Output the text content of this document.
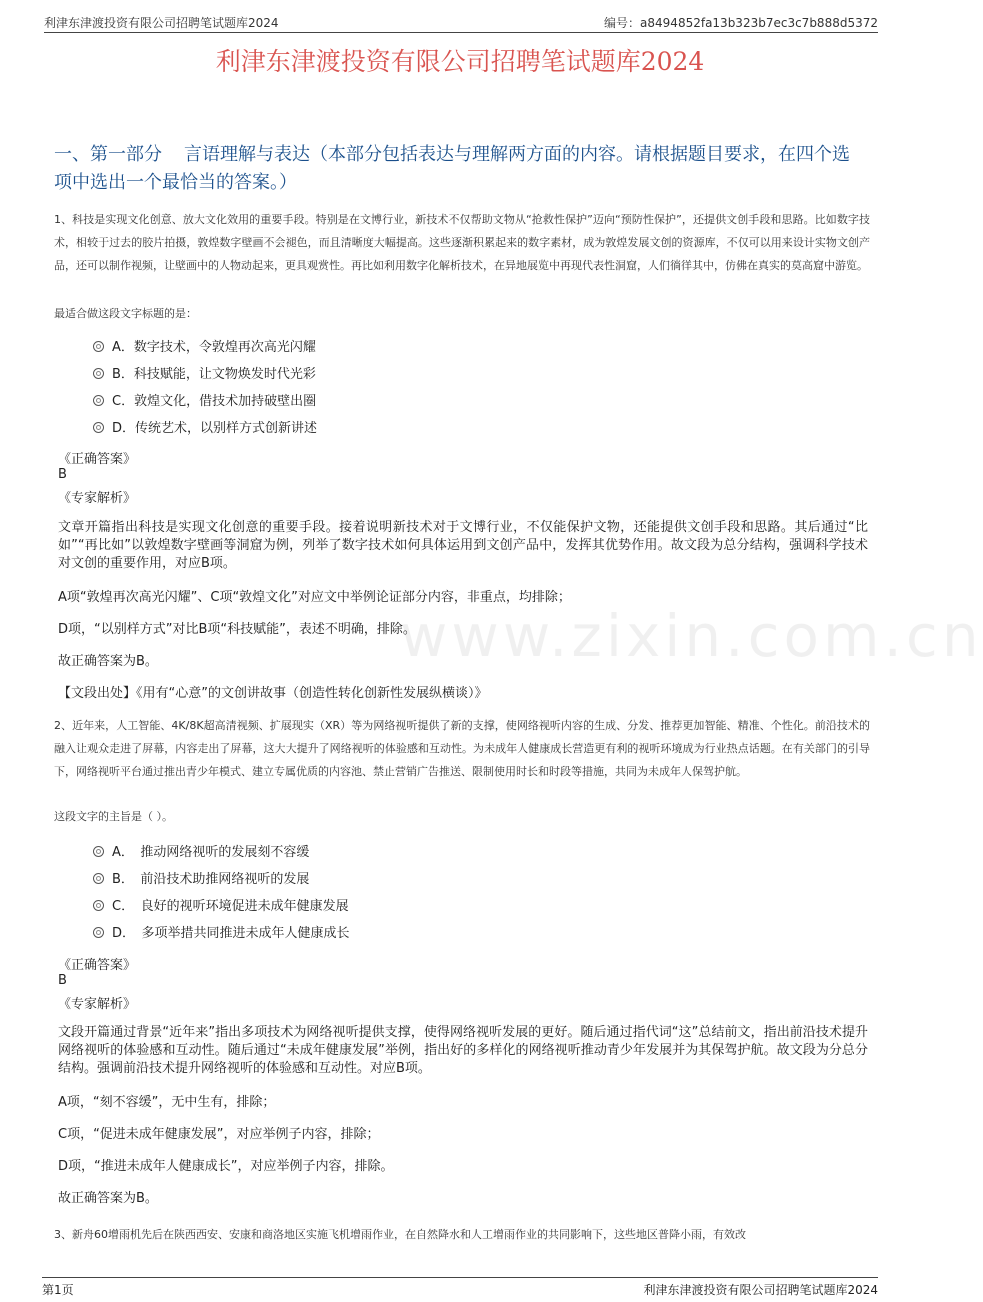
利津东津渡投资有限公司招聘笔试题库2024	编号：a8494852fa13b323b7ec3c7b888d5372
利津东津渡投资有限公司招聘笔试题库2024
一、第一部分 言语理解与表达（本部分包括表达与理解两方面的内容。请根据题目要求，在四个选项中选出一个最恰当的答案。）

1、科技是实现文化创意、放大文化效用的重要手段。特别是在文博行业，新技术不仅帮助文物从“抢救性保护”迈向“预防性保护”，还提供文创手段和思路。比如数字技术，相较于过去的胶片拍摄，敦煌数字壁画不会褪色，而且清晰度大幅提高。这些逐渐积累起来的数字素材，成为敦煌发展文创的资源库，不仅可以用来设计实物文创产品，还可以制作视频，让壁画中的人物动起来，更具观赏性。再比如利用数字化解析技术，在异地展览中再现代表性洞窟，人们徜徉其中，仿佛在真实的莫高窟中游览。

最适合做这段文字标题的是：
A．数字技术，令敦煌再次高光闪耀
B．科技赋能，让文物焕发时代光彩
C．敦煌文化，借技术加持破壁出圈
D．传统艺术，以别样方式创新讲述
《正确答案》
B
《专家解析》

文章开篇指出科技是实现文化创意的重要手段。接着说明新技术对于文博行业，不仅能保护文物，还能提供文创手段和思路。其后通过“比如”“再比如”以敦煌数字壁画等洞窟为例，列举了数字技术如何具体运用到文创产品中，发挥其优势作用。故文段为总分结构，强调科学技术对文创的重要作用，对应B项。

A项“敦煌再次高光闪耀”、C项“敦煌文化”对应文中举例论证部分内容，非重点，均排除；

D项，“以别样方式”对比B项“科技赋能”，表述不明确，排除。

故正确答案为B。

【文段出处】《用有“心意”的文创讲故事（创造性转化创新性发展纵横谈）》

2、近年来，人工智能、4K/8K超高清视频、扩展现实（XR）等为网络视听提供了新的支撑，使网络视听内容的生成、分发、推荐更加智能、精准、个性化。前沿技术的融入让观众走进了屏幕，内容走出了屏幕，这大大提升了网络视听的体验感和互动性。为未成年人健康成长营造更有利的视听环境成为行业热点话题。在有关部门的引导下，网络视听平台通过推出青少年模式、建立专属优质的内容池、禁止营销广告推送、限制使用时长和时段等措施，共同为未成年人保驾护航。

这段文字的主旨是（ ）。
A．　推动网络视听的发展刻不容缓
B．　前沿技术助推网络视听的发展
C．　良好的视听环境促进未成年健康发展
D．　多项举措共同推进未成年人健康成长
《正确答案》
B
《专家解析》

文段开篇通过背景“近年来”指出多项技术为网络视听提供支撑，使得网络视听发展的更好。随后通过指代词“这”总结前文，指出前沿技术提升网络视听的体验感和互动性。随后通过“未成年健康发展”举例，指出好的多样化的网络视听推动青少年发展并为其保驾护航。故文段为分总分结构。强调前沿技术提升网络视听的体验感和互动性。对应B项。

A项，“刻不容缓”，无中生有，排除；

C项，“促进未成年健康发展”，对应举例子内容，排除；

D项，“推进未成年人健康成长”，对应举例子内容，排除。

故正确答案为B。

3、新舟60增雨机先后在陕西西安、安康和商洛地区实施飞机增雨作业，在自然降水和人工增雨作业的共同影响下，这些地区普降小雨，有效改

www.zixin.com.cn
第1页	利津东津渡投资有限公司招聘笔试题库2024
